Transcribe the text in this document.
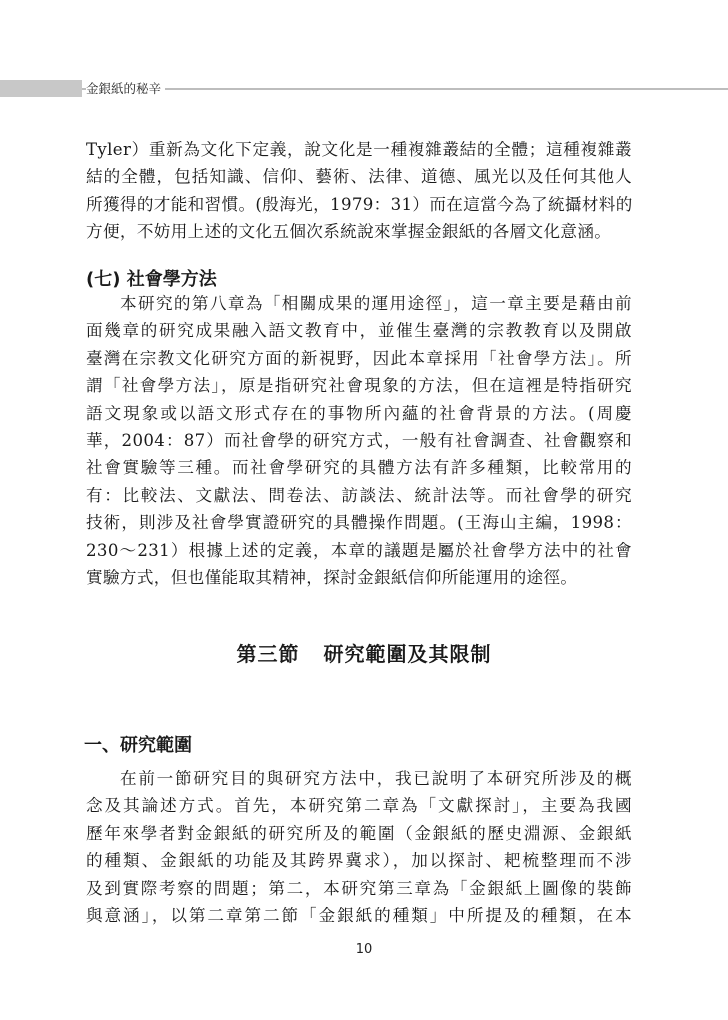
金銀紙的秘辛
Tyler）重新為文化下定義，說文化是一種複雜叢結的全體；這種複雜叢
結的全體，包括知識、信仰、藝術、法律、道德、風光以及任何其他人
所獲得的才能和習慣。(殷海光，1979：31）而在這當今為了統攝材料的
方便，不妨用上述的文化五個次系統說來掌握金銀紙的各層文化意涵。
(七) 社會學方法
本研究的第八章為「相關成果的運用途徑」，這一章主要是藉由前
面幾章的研究成果融入語文教育中，並催生臺灣的宗教教育以及開啟
臺灣在宗教文化研究方面的新視野，因此本章採用「社會學方法」。所
謂「社會學方法」，原是指研究社會現象的方法，但在這裡是特指研究
語文現象或以語文形式存在的事物所內蘊的社會背景的方法。(周慶
華，2004：87）而社會學的研究方式，一般有社會調查、社會觀察和
社會實驗等三種。而社會學研究的具體方法有許多種類，比較常用的
有：比較法、文獻法、問卷法、訪談法、統計法等。而社會學的研究
技術，則涉及社會學實證研究的具體操作問題。(王海山主編，1998：
230～231）根據上述的定義，本章的議題是屬於社會學方法中的社會
實驗方式，但也僅能取其精神，探討金銀紙信仰所能運用的途徑。
第三節 研究範圍及其限制
一、研究範圍
在前一節研究目的與研究方法中，我已說明了本研究所涉及的概
念及其論述方式。首先，本研究第二章為「文獻探討」，主要為我國
歷年來學者對金銀紙的研究所及的範圍（金銀紙的歷史淵源、金銀紙
的種類、金銀紙的功能及其跨界冀求），加以探討、耙梳整理而不涉
及到實際考察的問題；第二，本研究第三章為「金銀紙上圖像的裝飾
與意涵」，以第二章第二節「金銀紙的種類」中所提及的種類，在本
10
